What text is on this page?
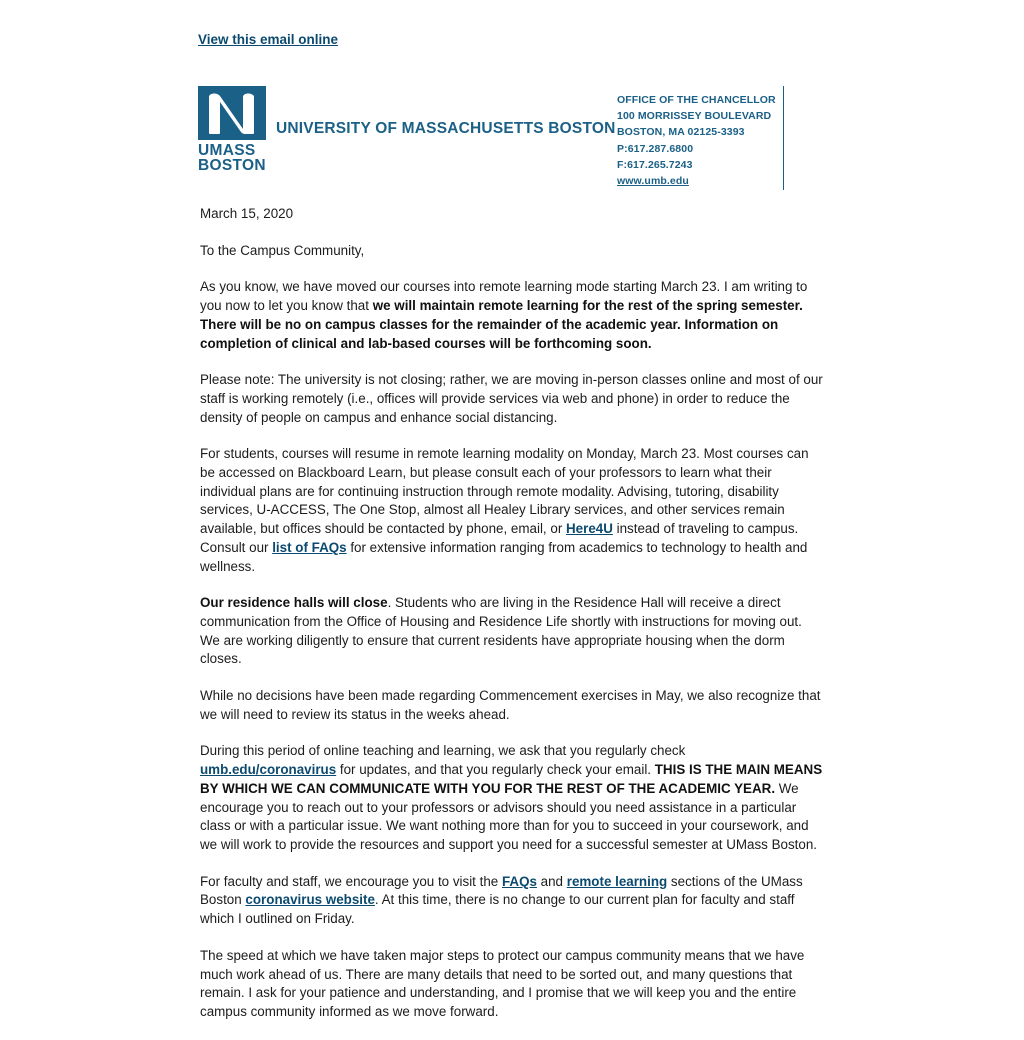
View this email online
UMASS
BOSTON
UNIVERSITY OF MASSACHUSETTS BOSTON
OFFICE OF THE CHANCELLOR
100 MORRISSEY BOULEVARD
BOSTON, MA 02125-3393
P:617.287.6800
F:617.265.7243
www.umb.edu

March 15, 2020

To the Campus Community,

As you know, we have moved our courses into remote learning mode starting March 23. I am writing to you now to let you know that we will maintain remote learning for the rest of the spring semester. There will be no on campus classes for the remainder of the academic year. Information on completion of clinical and lab-based courses will be forthcoming soon.

Please note: The university is not closing; rather, we are moving in-person classes online and most of our staff is working remotely (i.e., offices will provide services via web and phone) in order to reduce the density of people on campus and enhance social distancing.

For students, courses will resume in remote learning modality on Monday, March 23. Most courses can be accessed on Blackboard Learn, but please consult each of your professors to learn what their individual plans are for continuing instruction through remote modality. Advising, tutoring, disability services, U-ACCESS, The One Stop, almost all Healey Library services, and other services remain available, but offices should be contacted by phone, email, or Here4U instead of traveling to campus. Consult our list of FAQs for extensive information ranging from academics to technology to health and wellness.

Our residence halls will close. Students who are living in the Residence Hall will receive a direct communication from the Office of Housing and Residence Life shortly with instructions for moving out. We are working diligently to ensure that current residents have appropriate housing when the dorm closes.

While no decisions have been made regarding Commencement exercises in May, we also recognize that we will need to review its status in the weeks ahead.

During this period of online teaching and learning, we ask that you regularly check umb.edu/coronavirus for updates, and that you regularly check your email. THIS IS THE MAIN MEANS BY WHICH WE CAN COMMUNICATE WITH YOU FOR THE REST OF THE ACADEMIC YEAR. We encourage you to reach out to your professors or advisors should you need assistance in a particular class or with a particular issue. We want nothing more than for you to succeed in your coursework, and we will work to provide the resources and support you need for a successful semester at UMass Boston.

For faculty and staff, we encourage you to visit the FAQs and remote learning sections of the UMass Boston coronavirus website. At this time, there is no change to our current plan for faculty and staff which I outlined on Friday.

The speed at which we have taken major steps to protect our campus community means that we have much work ahead of us. There are many details that need to be sorted out, and many questions that remain. I ask for your patience and understanding, and I promise that we will keep you and the entire campus community informed as we move forward.
